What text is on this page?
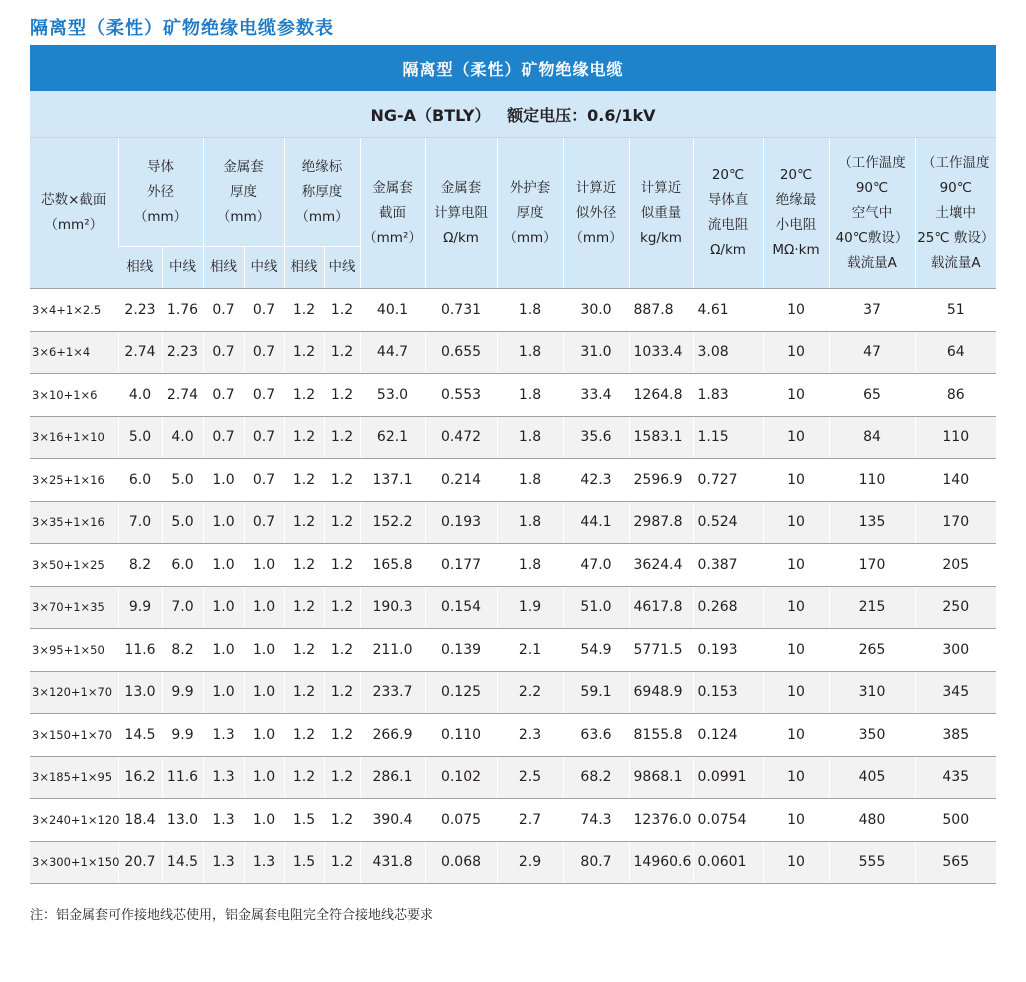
隔离型（柔性）矿物绝缘电缆参数表
隔离型（柔性）矿物绝缘电缆															
NG-A（BTLY）   额定电压：0.6/1kV															
芯数×截面
（mm²）	导体
外径
（mm）		金属套
厚度
（mm）		绝缘标
称厚度
（mm）		金属套
截面
（mm²）	金属套
计算电阻
Ω/km	外护套
厚度
（mm）	计算近
似外径
（mm）	计算近
似重量
kg/km	20℃
导体直
流电阻
Ω/km	20℃
绝缘最
小电阻
MΩ·km	（工作温度
90℃
空气中
40℃敷设）
载流量A	（工作温度
90℃
土壤中
25℃ 敷设）
载流量A
	相线	中线	相线	中线	相线	中线									
3×4+1×2.5	2.23	1.76	0.7	0.7	1.2	1.2	40.1	0.731	1.8	30.0	887.8	4.61	10	37	51
3×6+1×4	2.74	2.23	0.7	0.7	1.2	1.2	44.7	0.655	1.8	31.0	1033.4	3.08	10	47	64
3×10+1×6	4.0	2.74	0.7	0.7	1.2	1.2	53.0	0.553	1.8	33.4	1264.8	1.83	10	65	86
3×16+1×10	5.0	4.0	0.7	0.7	1.2	1.2	62.1	0.472	1.8	35.6	1583.1	1.15	10	84	110
3×25+1×16	6.0	5.0	1.0	0.7	1.2	1.2	137.1	0.214	1.8	42.3	2596.9	0.727	10	110	140
3×35+1×16	7.0	5.0	1.0	0.7	1.2	1.2	152.2	0.193	1.8	44.1	2987.8	0.524	10	135	170
3×50+1×25	8.2	6.0	1.0	1.0	1.2	1.2	165.8	0.177	1.8	47.0	3624.4	0.387	10	170	205
3×70+1×35	9.9	7.0	1.0	1.0	1.2	1.2	190.3	0.154	1.9	51.0	4617.8	0.268	10	215	250
3×95+1×50	11.6	8.2	1.0	1.0	1.2	1.2	211.0	0.139	2.1	54.9	5771.5	0.193	10	265	300
3×120+1×70	13.0	9.9	1.0	1.0	1.2	1.2	233.7	0.125	2.2	59.1	6948.9	0.153	10	310	345
3×150+1×70	14.5	9.9	1.3	1.0	1.2	1.2	266.9	0.110	2.3	63.6	8155.8	0.124	10	350	385
3×185+1×95	16.2	11.6	1.3	1.0	1.2	1.2	286.1	0.102	2.5	68.2	9868.1	0.0991	10	405	435
3×240+1×120	18.4	13.0	1.3	1.0	1.5	1.2	390.4	0.075	2.7	74.3	12376.0	0.0754	10	480	500
3×300+1×150	20.7	14.5	1.3	1.3	1.5	1.2	431.8	0.068	2.9	80.7	14960.6	0.0601	10	555	565
注：铝金属套可作接地线芯使用，铝金属套电阻完全符合接地线芯要求
